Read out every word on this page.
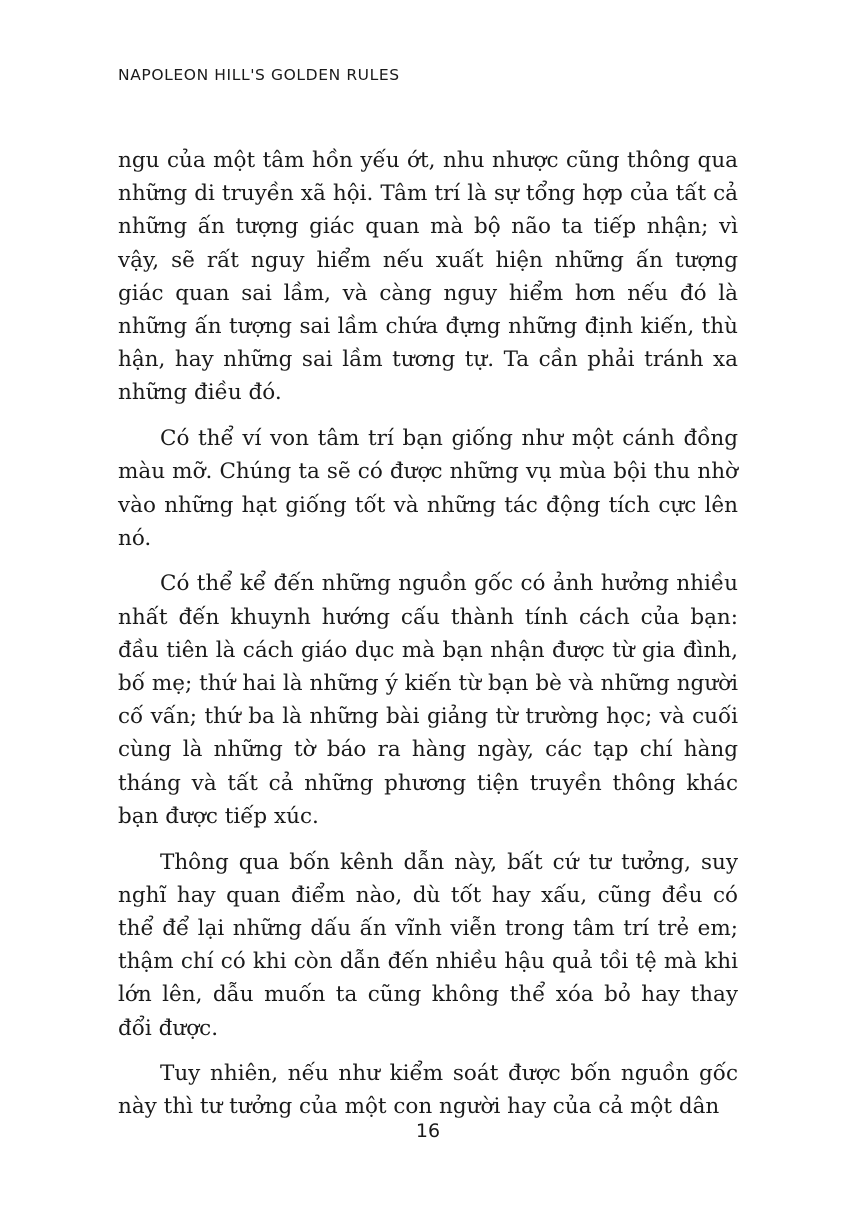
NAPOLEON HILL'S GOLDEN RULES

ngu của một tâm hồn yếu ớt, nhu nhược cũng thông qua những di truyền xã hội. Tâm trí là sự tổng hợp của tất cả những ấn tượng giác quan mà bộ não ta tiếp nhận; vì vậy, sẽ rất nguy hiểm nếu xuất hiện những ấn tượng giác quan sai lầm, và càng nguy hiểm hơn nếu đó là những ấn tượng sai lầm chứa đựng những định kiến, thù hận, hay những sai lầm tương tự. Ta cần phải tránh xa những điều đó.

Có thể ví von tâm trí bạn giống như một cánh đồng màu mỡ. Chúng ta sẽ có được những vụ mùa bội thu nhờ vào những hạt giống tốt và những tác động tích cực lên nó.

Có thể kể đến những nguồn gốc có ảnh hưởng nhiều nhất đến khuynh hướng cấu thành tính cách của bạn: đầu tiên là cách giáo dục mà bạn nhận được từ gia đình, bố mẹ; thứ hai là những ý kiến từ bạn bè và những người cố vấn; thứ ba là những bài giảng từ trường học; và cuối cùng là những tờ báo ra hàng ngày, các tạp chí hàng tháng và tất cả những phương tiện truyền thông khác bạn được tiếp xúc.

Thông qua bốn kênh dẫn này, bất cứ tư tưởng, suy nghĩ hay quan điểm nào, dù tốt hay xấu, cũng đều có thể để lại những dấu ấn vĩnh viễn trong tâm trí trẻ em; thậm chí có khi còn dẫn đến nhiều hậu quả tồi tệ mà khi lớn lên, dẫu muốn ta cũng không thể xóa bỏ hay thay đổi được.

Tuy nhiên, nếu như kiểm soát được bốn nguồn gốc này thì tư tưởng của một con người hay của cả một dân

16
